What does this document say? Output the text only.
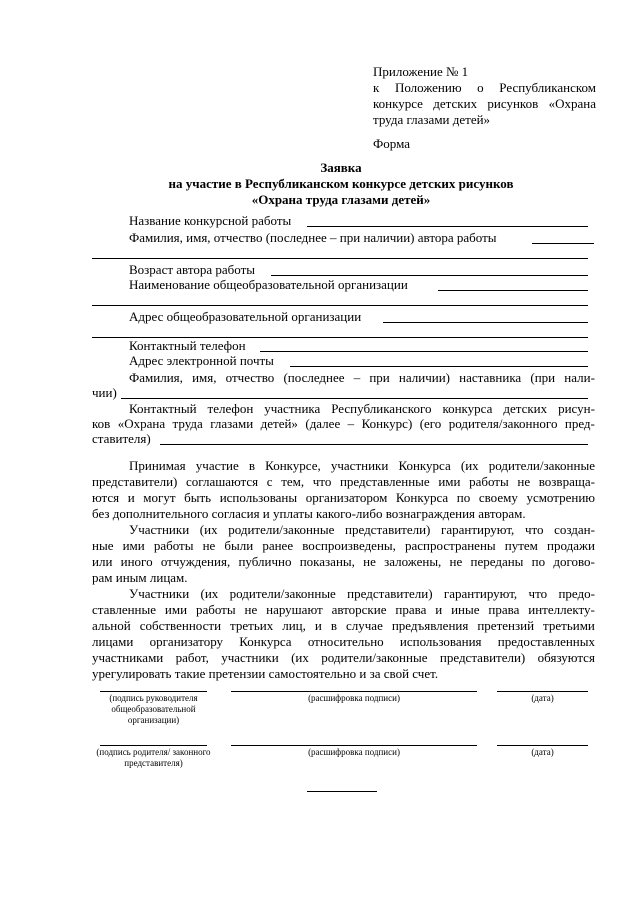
Приложение № 1
к Положению о Республиканском
конкурсе детских рисунков «Охрана
труда глазами детей»
Форма
Заявка
на участие в Республиканском конкурсе детских рисунков
«Охрана труда глазами детей»
Название конкурсной работы
Фамилия, имя, отчество (последнее – при наличии) автора работы
Возраст автора работы
Наименование общеобразовательной организации
Адрес общеобразовательной организации
Контактный телефон
Адрес электронной почты
Фамилия, имя, отчество (последнее – при наличии) наставника (при нали-
чии)
Контактный телефон участника Республиканского конкурса детских рисун-
ков «Охрана труда глазами детей» (далее – Конкурс) (его родителя/законного пред-
ставителя)
Принимая участие в Конкурсе, участники Конкурса (их родители/законные
представители) соглашаются с тем, что представленные ими работы не возвраща-
ются и могут быть использованы организатором Конкурса по своему усмотрению
без дополнительного согласия и уплаты какого-либо вознаграждения авторам.
Участники (их родители/законные представители) гарантируют, что создан-
ные ими работы не были ранее воспроизведены, распространены путем продажи
или иного отчуждения, публично показаны, не заложены, не переданы по догово-
рам иным лицам.
Участники (их родители/законные представители) гарантируют, что предо-
ставленные ими работы не нарушают авторские права и иные права интеллекту-
альной собственности третьих лиц, и в случае предъявления претензий третьими
лицами организатору Конкурса относительно использования предоставленных
участниками работ, участники (их родители/законные представители) обязуются
урегулировать такие претензии самостоятельно и за свой счет.
(подпись руководителя общеобразовательной организации)
(расшифровка подписи)	(дата)
(подпись родителя/ законного представителя)
(расшифровка подписи)	(дата)
